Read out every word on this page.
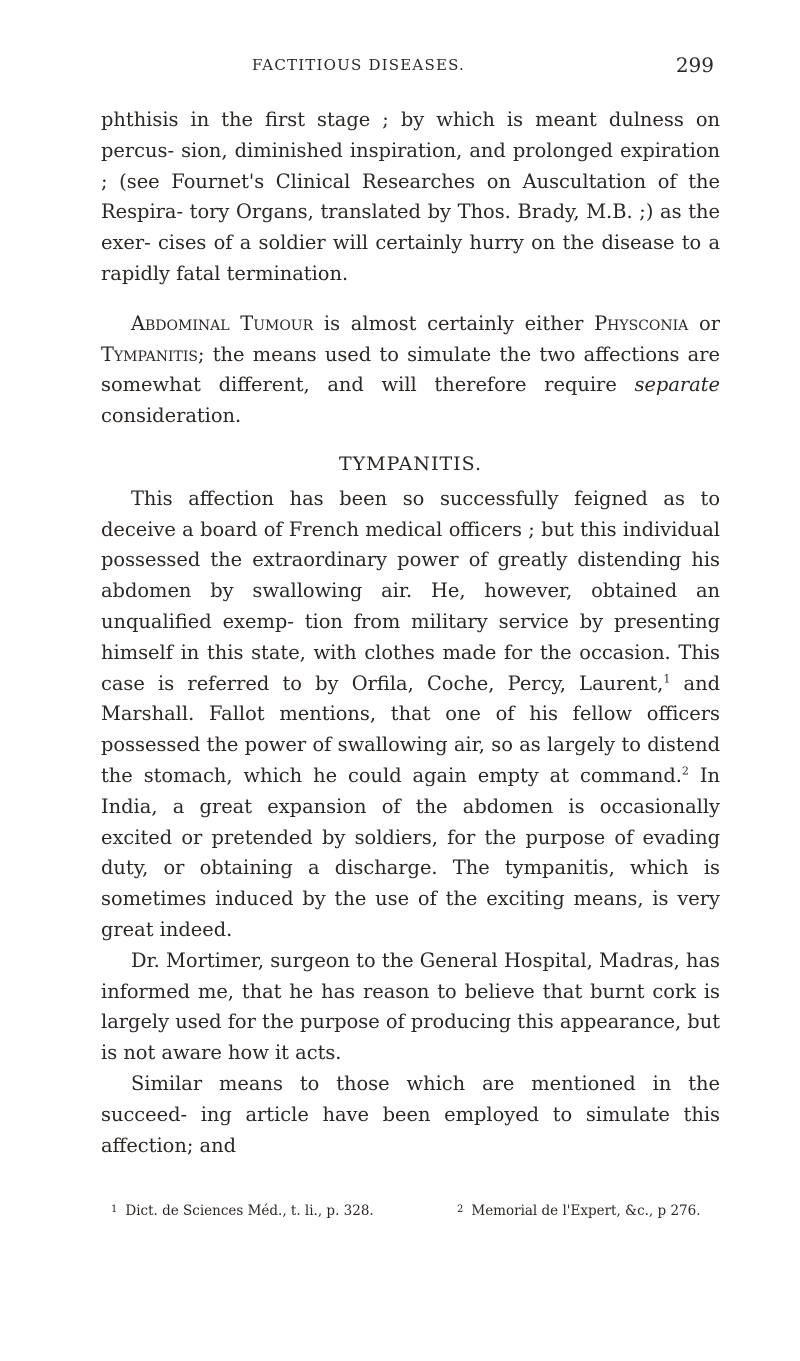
FACTITIOUS DISEASES.	299

phthisis in the first stage ; by which is meant dulness on percus- sion, diminished inspiration, and prolonged expiration ; (see Fournet's Clinical Researches on Auscultation of the Respira- tory Organs, translated by Thos. Brady, M.B. ;) as the exer- cises of a soldier will certainly hurry on the disease to a rapidly fatal termination.

Abdominal Tumour is almost certainly either Physconia or Tympanitis; the means used to simulate the two affections are somewhat different, and will therefore require separate consideration.

TYMPANITIS.

This affection has been so successfully feigned as to deceive a board of French medical officers ; but this individual possessed the extraordinary power of greatly distending his abdomen by swallowing air. He, however, obtained an unqualified exemp- tion from military service by presenting himself in this state, with clothes made for the occasion. This case is referred to by Orfila, Coche, Percy, Laurent,$^1$ and Marshall. Fallot mentions, that one of his fellow officers possessed the power of swallowing air, so as largely to distend the stomach, which he could again empty at command.$^2$ In India, a great expansion of the abdomen is occasionally excited or pretended by soldiers, for the purpose of evading duty, or obtaining a discharge. The tympanitis, which is sometimes induced by the use of the exciting means, is very great indeed.

Dr. Mortimer, surgeon to the General Hospital, Madras, has informed me, that he has reason to believe that burnt cork is largely used for the purpose of producing this appearance, but is not aware how it acts.

Similar means to those which are mentioned in the succeed- ing article have been employed to simulate this affection; and

$^1$ Dict. de Sciences Méd., t. li., p. 328.	$^2$ Memorial de l'Expert, &c., p 276.
